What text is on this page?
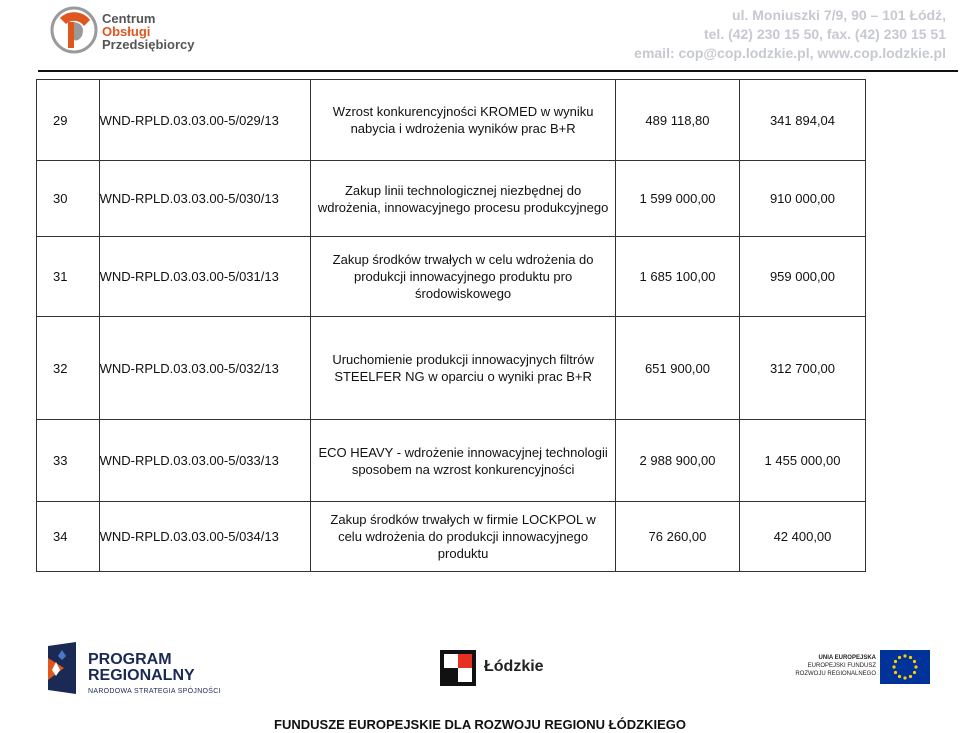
Centrum
Obsługi
Przedsiębiorcy
ul. Moniuszki 7/9, 90 – 101 Łódź,
tel. (42) 230 15 50, fax. (42) 230 15 51
email: cop@cop.lodzkie.pl, www.cop.lodzkie.pl
29	WND-RPLD.03.03.00-5/029/13	Wzrost konkurencyjności KROMED w wyniku nabycia i wdrożenia wyników prac B+R	489 118,80	341 894,04
30	WND-RPLD.03.03.00-5/030/13	Zakup linii technologicznej niezbędnej do wdrożenia, innowacyjnego procesu produkcyjnego	1 599 000,00	910 000,00
31	WND-RPLD.03.03.00-5/031/13	Zakup środków trwałych w celu wdrożenia do produkcji innowacyjnego produktu pro środowiskowego	1 685 100,00	959 000,00
32	WND-RPLD.03.03.00-5/032/13	Uruchomienie produkcji innowacyjnych filtrów STEELFER NG w oparciu o wyniki prac B+R	651 900,00	312 700,00
33	WND-RPLD.03.03.00-5/033/13	ECO HEAVY - wdrożenie innowacyjnej technologii sposobem na wzrost konkurencyjności	2 988 900,00	1 455 000,00
34	WND-RPLD.03.03.00-5/034/13	Zakup środków trwałych w firmie LOCKPOL w celu wdrożenia do produkcji innowacyjnego produktu	76 260,00	42 400,00
PROGRAM
REGIONALNY
NARODOWA STRATEGIA SPÓJNOŚCI
Łódzkie	UNIA EUROPEJSKA
EUROPEJSKI FUNDUSZ
ROZWOJU REGIONALNEGO
FUNDUSZE EUROPEJSKIE DLA ROZWOJU REGIONU ŁÓDZKIEGO
